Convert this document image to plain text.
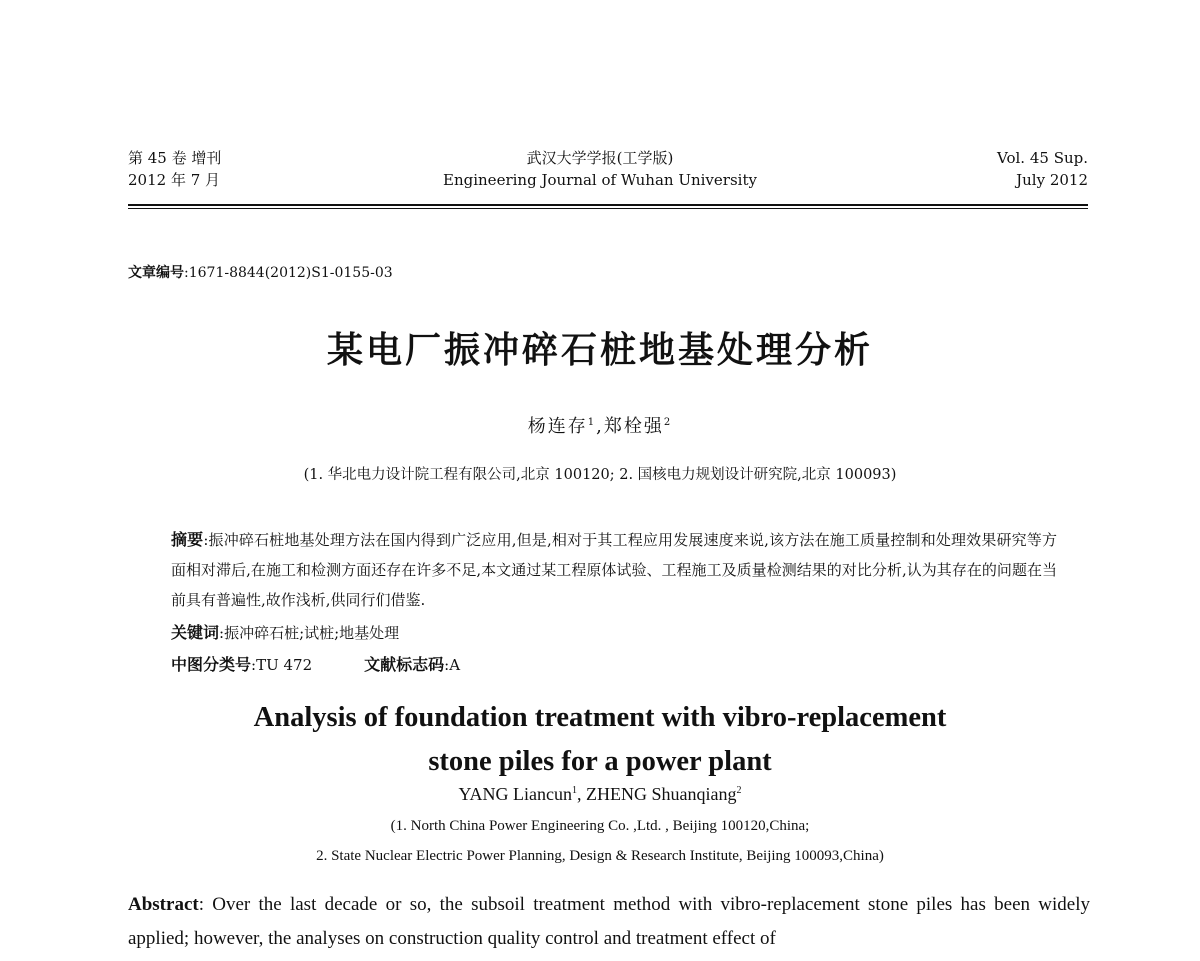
第 45 卷 增刊
2012 年 7 月
武汉大学学报(工学版)
Engineering Journal of Wuhan University
Vol. 45 Sup.
July 2012
文章编号:1671-8844(2012)S1-0155-03
某电厂振冲碎石桩地基处理分析
杨连存$^1$,郑栓强$^2$
(1. 华北电力设计院工程有限公司,北京 100120; 2. 国核电力规划设计研究院,北京 100093)
摘要:振冲碎石桩地基处理方法在国内得到广泛应用,但是,相对于其工程应用发展速度来说,该方法在施工质量控制和处理效果研究等方面相对滞后,在施工和检测方面还存在许多不足,本文通过某工程原体试验、工程施工及质量检测结果的对比分析,认为其存在的问题在当前具有普遍性,故作浅析,供同行们借鉴.
关键词:振冲碎石桩;试桩;地基处理
中图分类号:TU 472	文献标志码:A
Analysis of foundation treatment with vibro-replacement
stone piles for a power plant
YANG Liancun$^1$, ZHENG Shuanqiang$^2$
(1. North China Power Engineering Co. ,Ltd. , Beijing 100120,China;
2. State Nuclear Electric Power Planning, Design & Research Institute, Beijing 100093,China)
Abstract: Over the last decade or so, the subsoil treatment method with vibro-replacement stone piles has been widely applied; however, the analyses on construction quality control and treatment effect of
